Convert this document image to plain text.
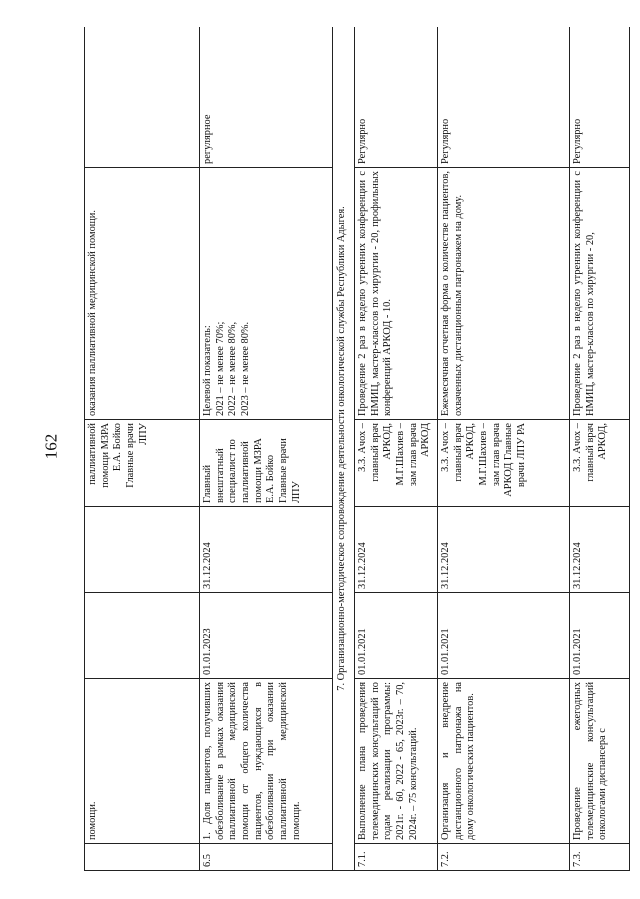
162
	помощи.			паллиативной помощи МЗРА Е.А. Бойко Главные врачи ЛПУ	оказания паллиативной медицинской помощи.	
6.5	1. Доля пациентов, получивших обезболивание в рамках оказания паллиативной медицинской помощи от общего количества пациентов, нуждающихся в обезболивании при оказании паллиативной медицинской помощи.	01.01.2023	31.12.2024	Главный внештатный специалист по паллиативной помощи МЗРА Е.А. Бойко Главные врачи ЛПУ	Целевой показатель:
2021 – не менее 70%;
2022 – не менее 80%,
2023 – не менее 80%.	регулярное
7. Организационно-методическое сопровождение деятельности онкологической службы Республики Адыгея.						
7.1.	Выполнение плана проведения телемедицинских консультаций по годам реализации программы: 2021г. - 60, 2022 - 65, 2023г. – 70, 2024г. – 75 консультаций.	01.01.2021	31.12.2024	З.З. Ачох – главный врач АРКОД, М.Г.Шахиев – зам глав врача АРКОД	Проведение 2 раз в неделю утренних конференции с НМИЦ, мастер-классов по хирургии - 20, профильных конференций АРКОД - 10.	Регулярно
7.2.	Организация и внедрение дистанционного патронажа на дому онкологических пациентов.	01.01.2021	31.12.2024	З.З. Ачох – главный врач АРКОД, М.Г.Шахиев – зам глав врача АРКОД Главные врачи ЛПУ РА	Ежемесячная отчетная форма о количестве пациентов, охваченных дистанционным патронажем на дому.	Регулярно
7.3.	Проведение ежегодных телемедицинские консультаций онкологами диспансера с	01.01.2021	31.12.2024	З.З. Ачох – главный врач АРКОД,	Проведение 2 раз в неделю утренних конференции с НМИЦ, мастер-классов по хирургии - 20,	Регулярно
